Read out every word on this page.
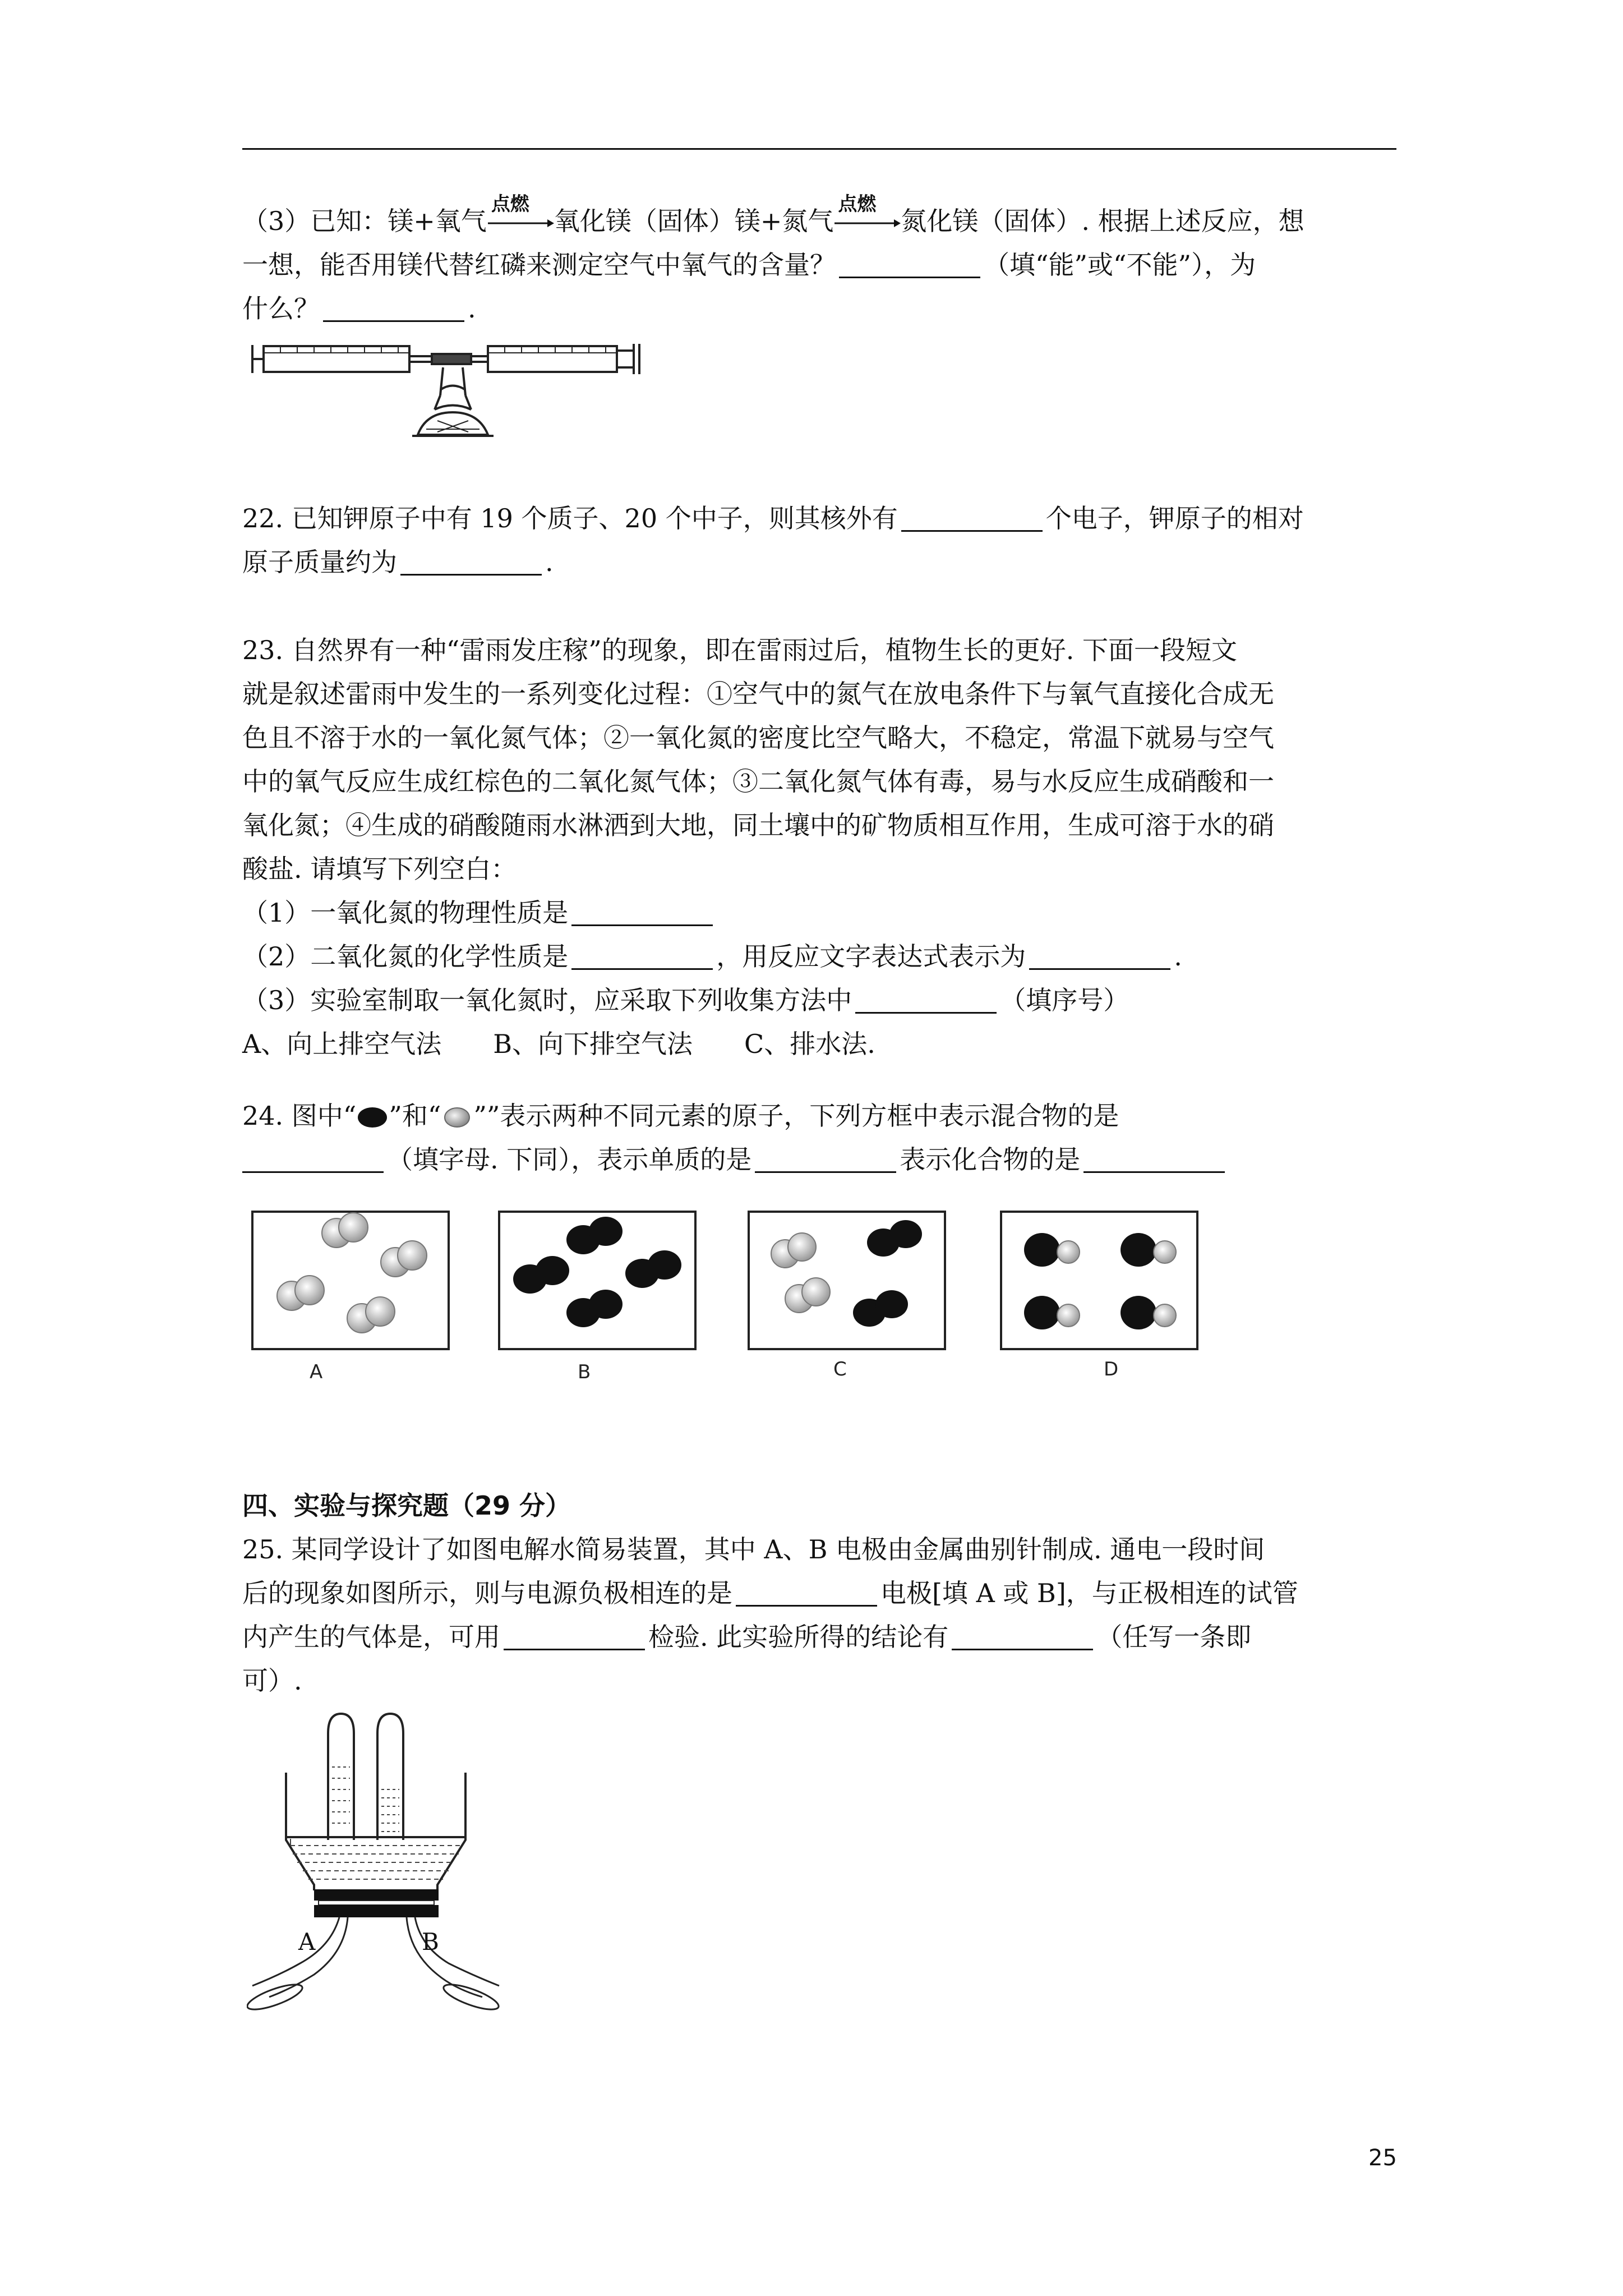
（3）已知：镁+氧气
点燃
氧化镁（固体）镁+氮气
点燃
氮化镁（固体）. 根据上述反应，想
一想，能否用镁代替红磷来测定空气中氧气的含量？	（填“能”或“不能”），为
什么？	.
22. 已知钾原子中有 19 个质子、20 个中子，则其核外有	个电子，钾原子的相对
原子质量约为	.
23. 自然界有一种“雷雨发庄稼”的现象，即在雷雨过后，植物生长的更好. 下面一段短文
就是叙述雷雨中发生的一系列变化过程：①空气中的氮气在放电条件下与氧气直接化合成无
色且不溶于水的一氧化氮气体；②一氧化氮的密度比空气略大，不稳定，常温下就易与空气
中的氧气反应生成红棕色的二氧化氮气体；③二氧化氮气体有毒，易与水反应生成硝酸和一
氧化氮；④生成的硝酸随雨水淋洒到大地，同土壤中的矿物质相互作用，生成可溶于水的硝
酸盐. 请填写下列空白：
（1）一氧化氮的物理性质是
（2）二氧化氮的化学性质是	，用反应文字表达式表示为	.
（3）实验室制取一氧化氮时，应采取下列收集方法中	（填序号）
A、向上排空气法　　B、向下排空气法　　C、排水法.
24. 图中“ ”和“ ””表示两种不同元素的原子，下列方框中表示混合物的是
（填字母. 下同），表示单质的是	表示化合物的是
A	B	C	D
四、实验与探究题（29 分）
25. 某同学设计了如图电解水简易装置，其中 A、B 电极由金属曲别针制成. 通电一段时间
后的现象如图所示，则与电源负极相连的是	电极[填 A 或 B]，与正极相连的试管
内产生的气体是，可用	检验. 此实验所得的结论有	（任写一条即
可）.
A	B
25
